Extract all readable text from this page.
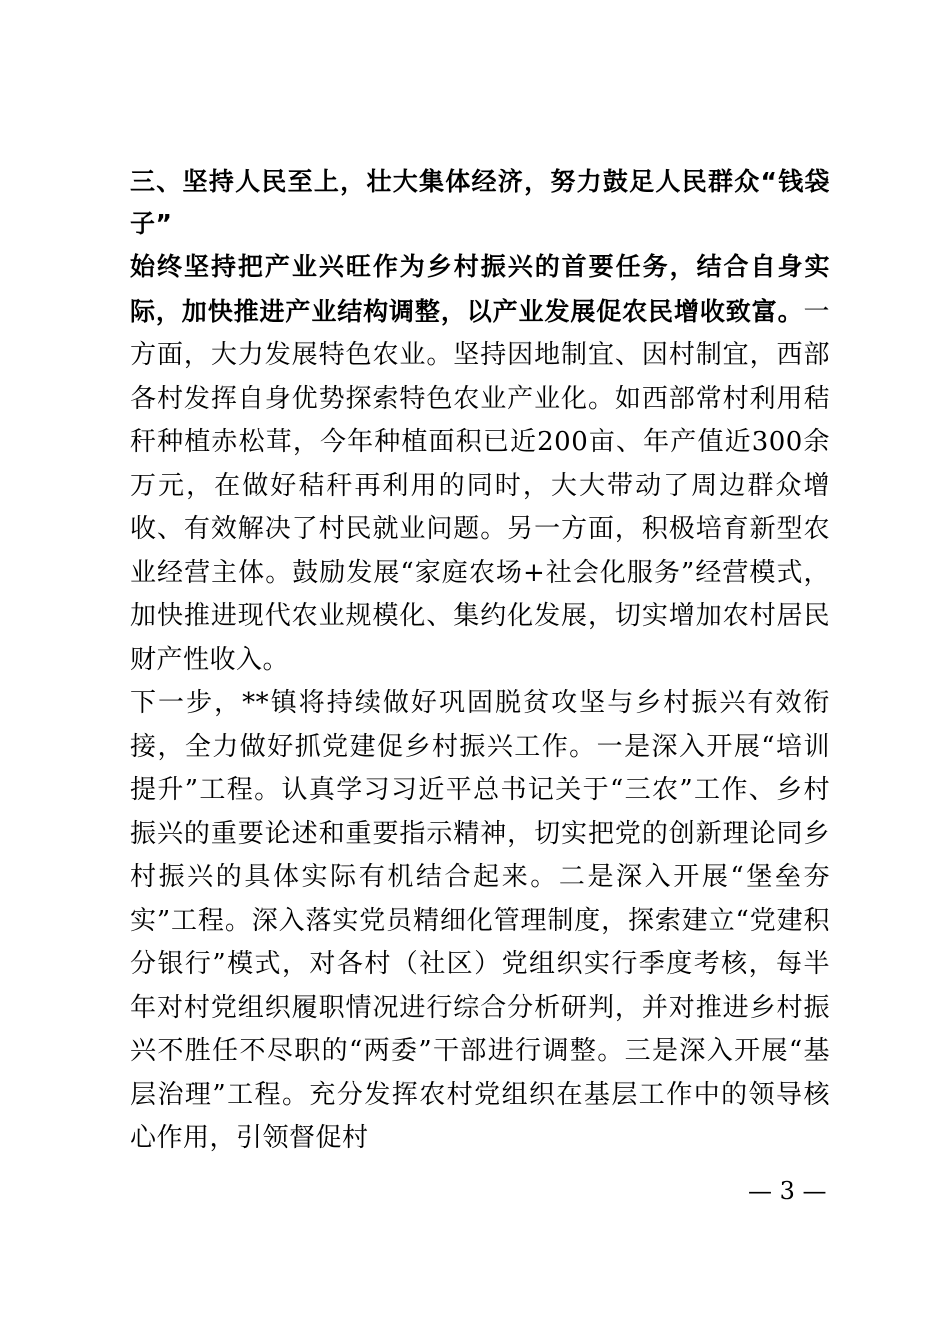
三、坚持人民至上，壮大集体经济，努力鼓足人民群众“钱袋子”

始终坚持把产业兴旺作为乡村振兴的首要任务，结合自身实际，加快推进产业结构调整，以产业发展促农民增收致富。一方面，大力发展特色农业。坚持因地制宜、因村制宜，西部各村发挥自身优势探索特色农业产业化。如西部常村利用秸秆种植赤松茸，今年种植面积已近200亩、年产值近300余万元，在做好秸秆再利用的同时，大大带动了周边群众增收、有效解决了村民就业问题。另一方面，积极培育新型农业经营主体。鼓励发展“家庭农场+社会化服务”经营模式，加快推进现代农业规模化、集约化发展，切实增加农村居民财产性收入。

下一步，**镇将持续做好巩固脱贫攻坚与乡村振兴有效衔接，全力做好抓党建促乡村振兴工作。一是深入开展“培训提升”工程。认真学习习近平总书记关于“三农”工作、乡村振兴的重要论述和重要指示精神，切实把党的创新理论同乡村振兴的具体实际有机结合起来。二是深入开展“堡垒夯实”工程。深入落实党员精细化管理制度，探索建立“党建积分银行”模式，对各村（社区）党组织实行季度考核，每半年对村党组织履职情况进行综合分析研判，并对推进乡村振兴不胜任不尽职的“两委”干部进行调整。三是深入开展“基层治理”工程。充分发挥农村党组织在基层工作中的领导核心作用，引领督促村

— 3 —
